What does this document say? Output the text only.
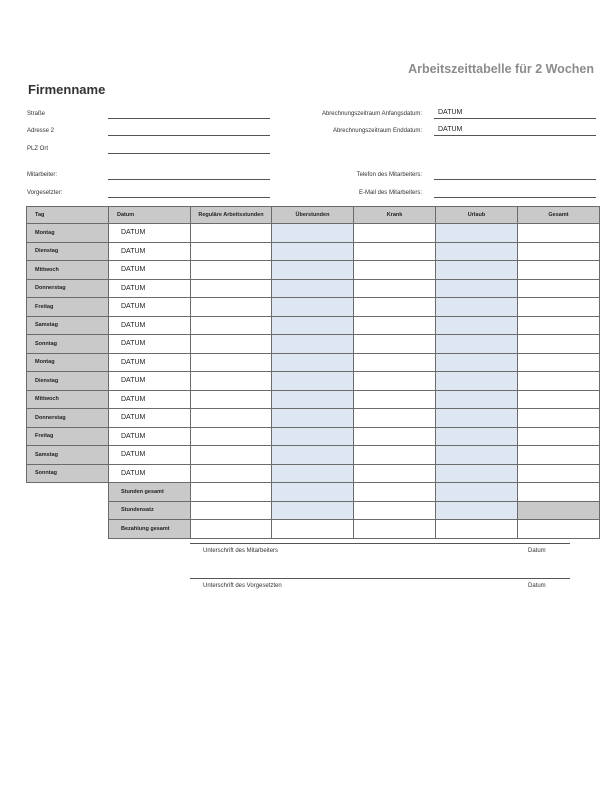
Arbeitszeittabelle für 2 Wochen
Firmenname
Straße
Adresse 2
PLZ Ort
Mitarbeiter:
Vorgesetzter:
Abrechnungszeitraum Anfangsdatum: DATUM
Abrechnungszeitraum Enddatum: DATUM
Telefon des Mitarbeiters:
E-Mail des Mitarbeiters:
Tag	Datum	Reguläre Arbeitsstunden	Überstunden	Krank	Urlaub	Gesamt
Montag	DATUM					
Dienstag	DATUM					
Mittwoch	DATUM					
Donnerstag	DATUM					
Freitag	DATUM					
Samstag	DATUM					
Sonntag	DATUM					
Montag	DATUM					
Dienstag	DATUM					
Mittwoch	DATUM					
Donnerstag	DATUM					
Freitag	DATUM					
Samstag	DATUM					
Sonntag	DATUM					
	Stunden gesamt					
	Stundensatz					
	Bezahlung gesamt					
Unterschrift des Mitarbeiters	Datum
Unterschrift des Vorgesetzten	Datum
